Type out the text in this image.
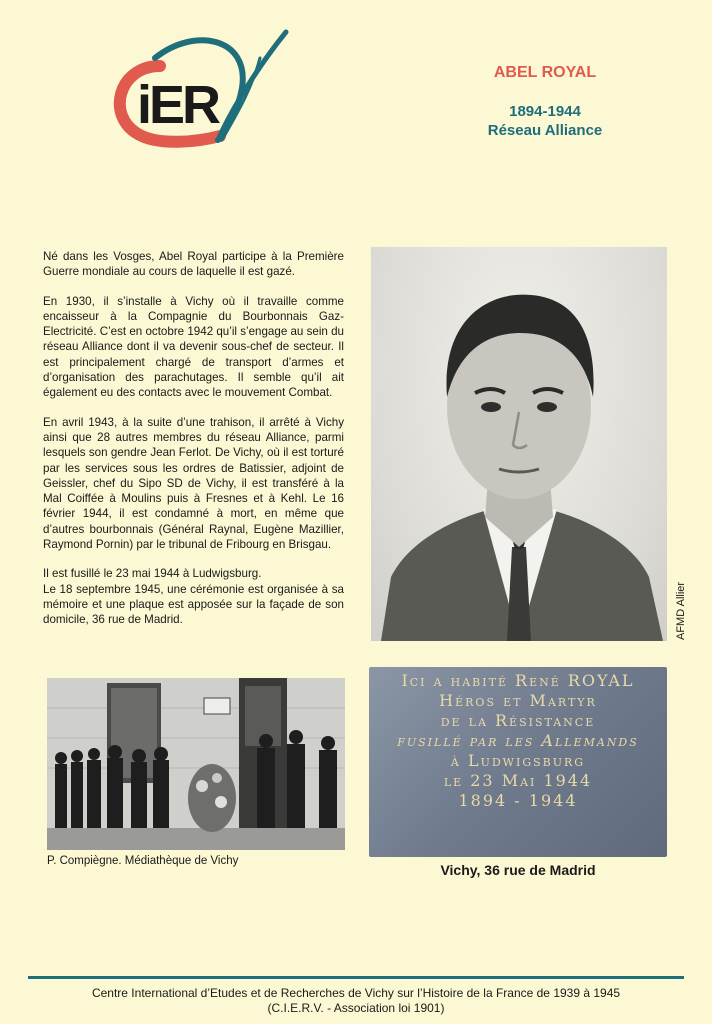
iER
ABEL ROYAL
1894-1944
Réseau Alliance

Né dans les Vosges, Abel Royal participe à la Première Guerre mondiale au cours de laquelle il est gazé.

En 1930, il s’installe à Vichy où il travaille comme encaisseur à la Compagnie du Bourbonnais Gaz-Electricité. C’est en octobre 1942 qu’il s’engage au sein du réseau Alliance dont il va devenir sous-chef de secteur. Il est principalement chargé de transport d’armes et d’organisation des parachutages. Il semble qu’il ait également eu des contacts avec le mouvement Combat.

En avril 1943, à la suite d’une trahison, il arrêté à Vichy ainsi que 28 autres membres du réseau Alliance, parmi lesquels son gendre Jean Ferlot. De Vichy, où il est torturé par les services sous les ordres de Batissier, adjoint de Geissler, chef du Sipo SD de Vichy, il est transféré à la Mal Coiffée à Moulins puis à Fresnes et à Kehl. Le 16 février 1944, il est condamné à mort, en même que d’autres bourbonnais (Général Raynal, Eugène Mazillier, Raymond Pornin) par le tribunal de Fribourg en Brisgau.

Il est fusillé le 23 mai 1944 à Ludwigsburg.

Le 18 septembre 1945, une cérémonie est organisée à sa mémoire et une plaque est apposée sur la façade de son domicile, 36 rue de Madrid.	AFMD Allier
P. Compiègne. Médiathèque de Vichy
Ici a habité René ROYAL
Héros et Martyr
de la Résistance
fusillé par les Allemands
à Ludwigsburg
le 23 Mai 1944
1894 - 1944
Vichy, 36 rue de Madrid
Centre International d’Etudes et de Recherches de Vichy sur l’Histoire de la France de 1939 à 1945
(C.I.E.R.V. - Association loi 1901)
